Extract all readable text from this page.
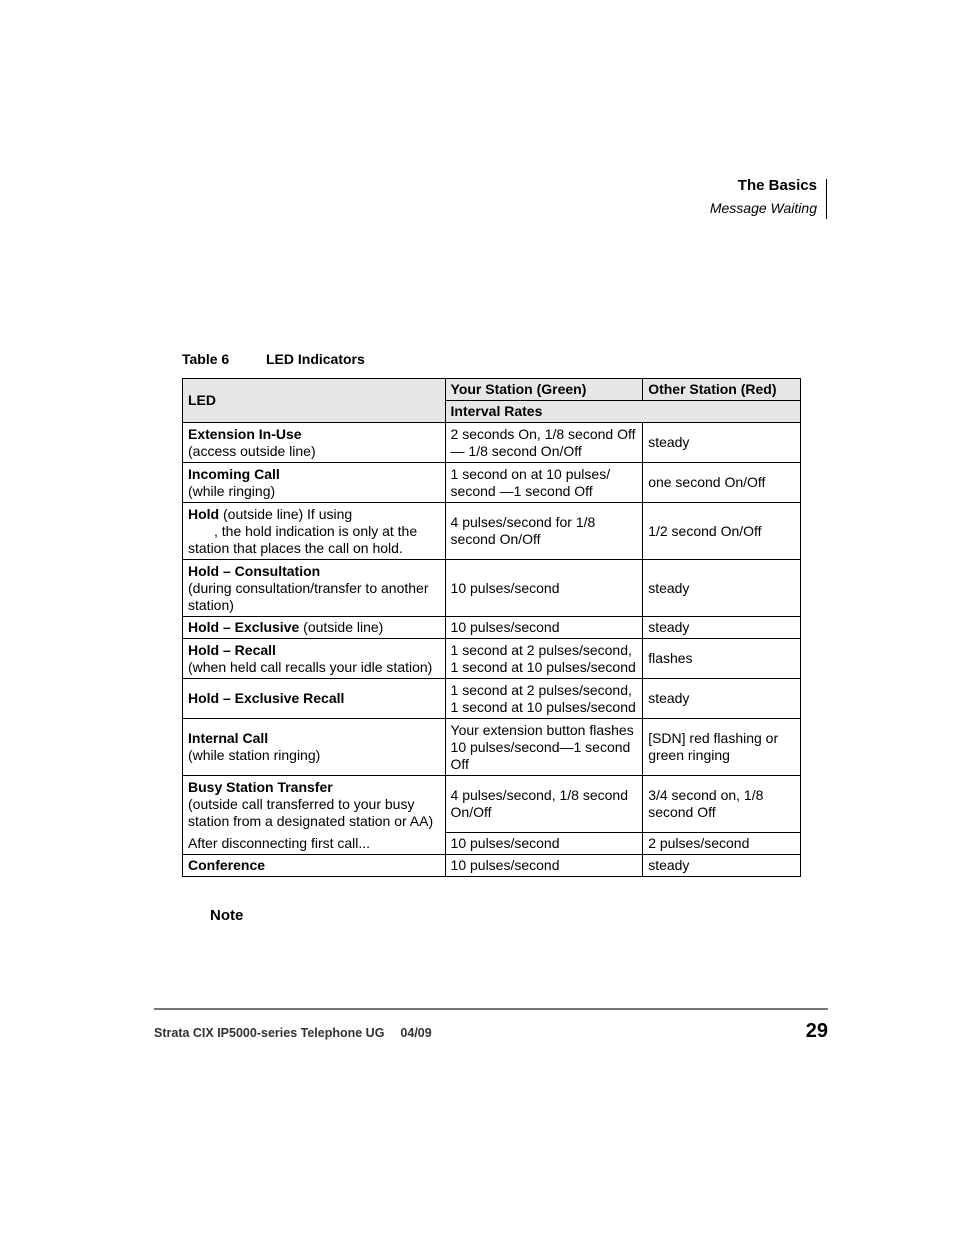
The Basics
Message Waiting
Table 6	LED Indicators
LED	Your Station (Green)	Other Station (Red)
	Interval Rates	
Extension In-Use
(access outside line)	2 seconds On, 1/8 second Off — 1/8 second On/Off	steady
Incoming Call
(while ringing)	1 second on at 10 pulses/ second —1 second Off	one second On/Off
Hold (outside line) If using
, the hold indication is only at the station that places the call on hold.	4 pulses/second for 1/8 second On/Off	1/2 second On/Off
Hold – Consultation
(during consultation/transfer to another station)	10 pulses/second	steady
Hold – Exclusive (outside line)	10 pulses/second	steady
Hold – Recall
(when held call recalls your idle station)	1 second at 2 pulses/second, 1 second at 10 pulses/second	flashes
Hold – Exclusive Recall	1 second at 2 pulses/second, 1 second at 10 pulses/second	steady
Internal Call
(while station ringing)	Your extension button flashes 10 pulses/second—1 second Off	[SDN] red flashing or green ringing
Busy Station Transfer
(outside call transferred to your busy station from a designated station or AA)	4 pulses/second, 1/8 second On/Off	3/4 second on, 1/8 second Off
After disconnecting first call...	10 pulses/second	2 pulses/second
Conference	10 pulses/second	steady
Note
Strata CIX IP5000-series Telephone UG 04/09	29
